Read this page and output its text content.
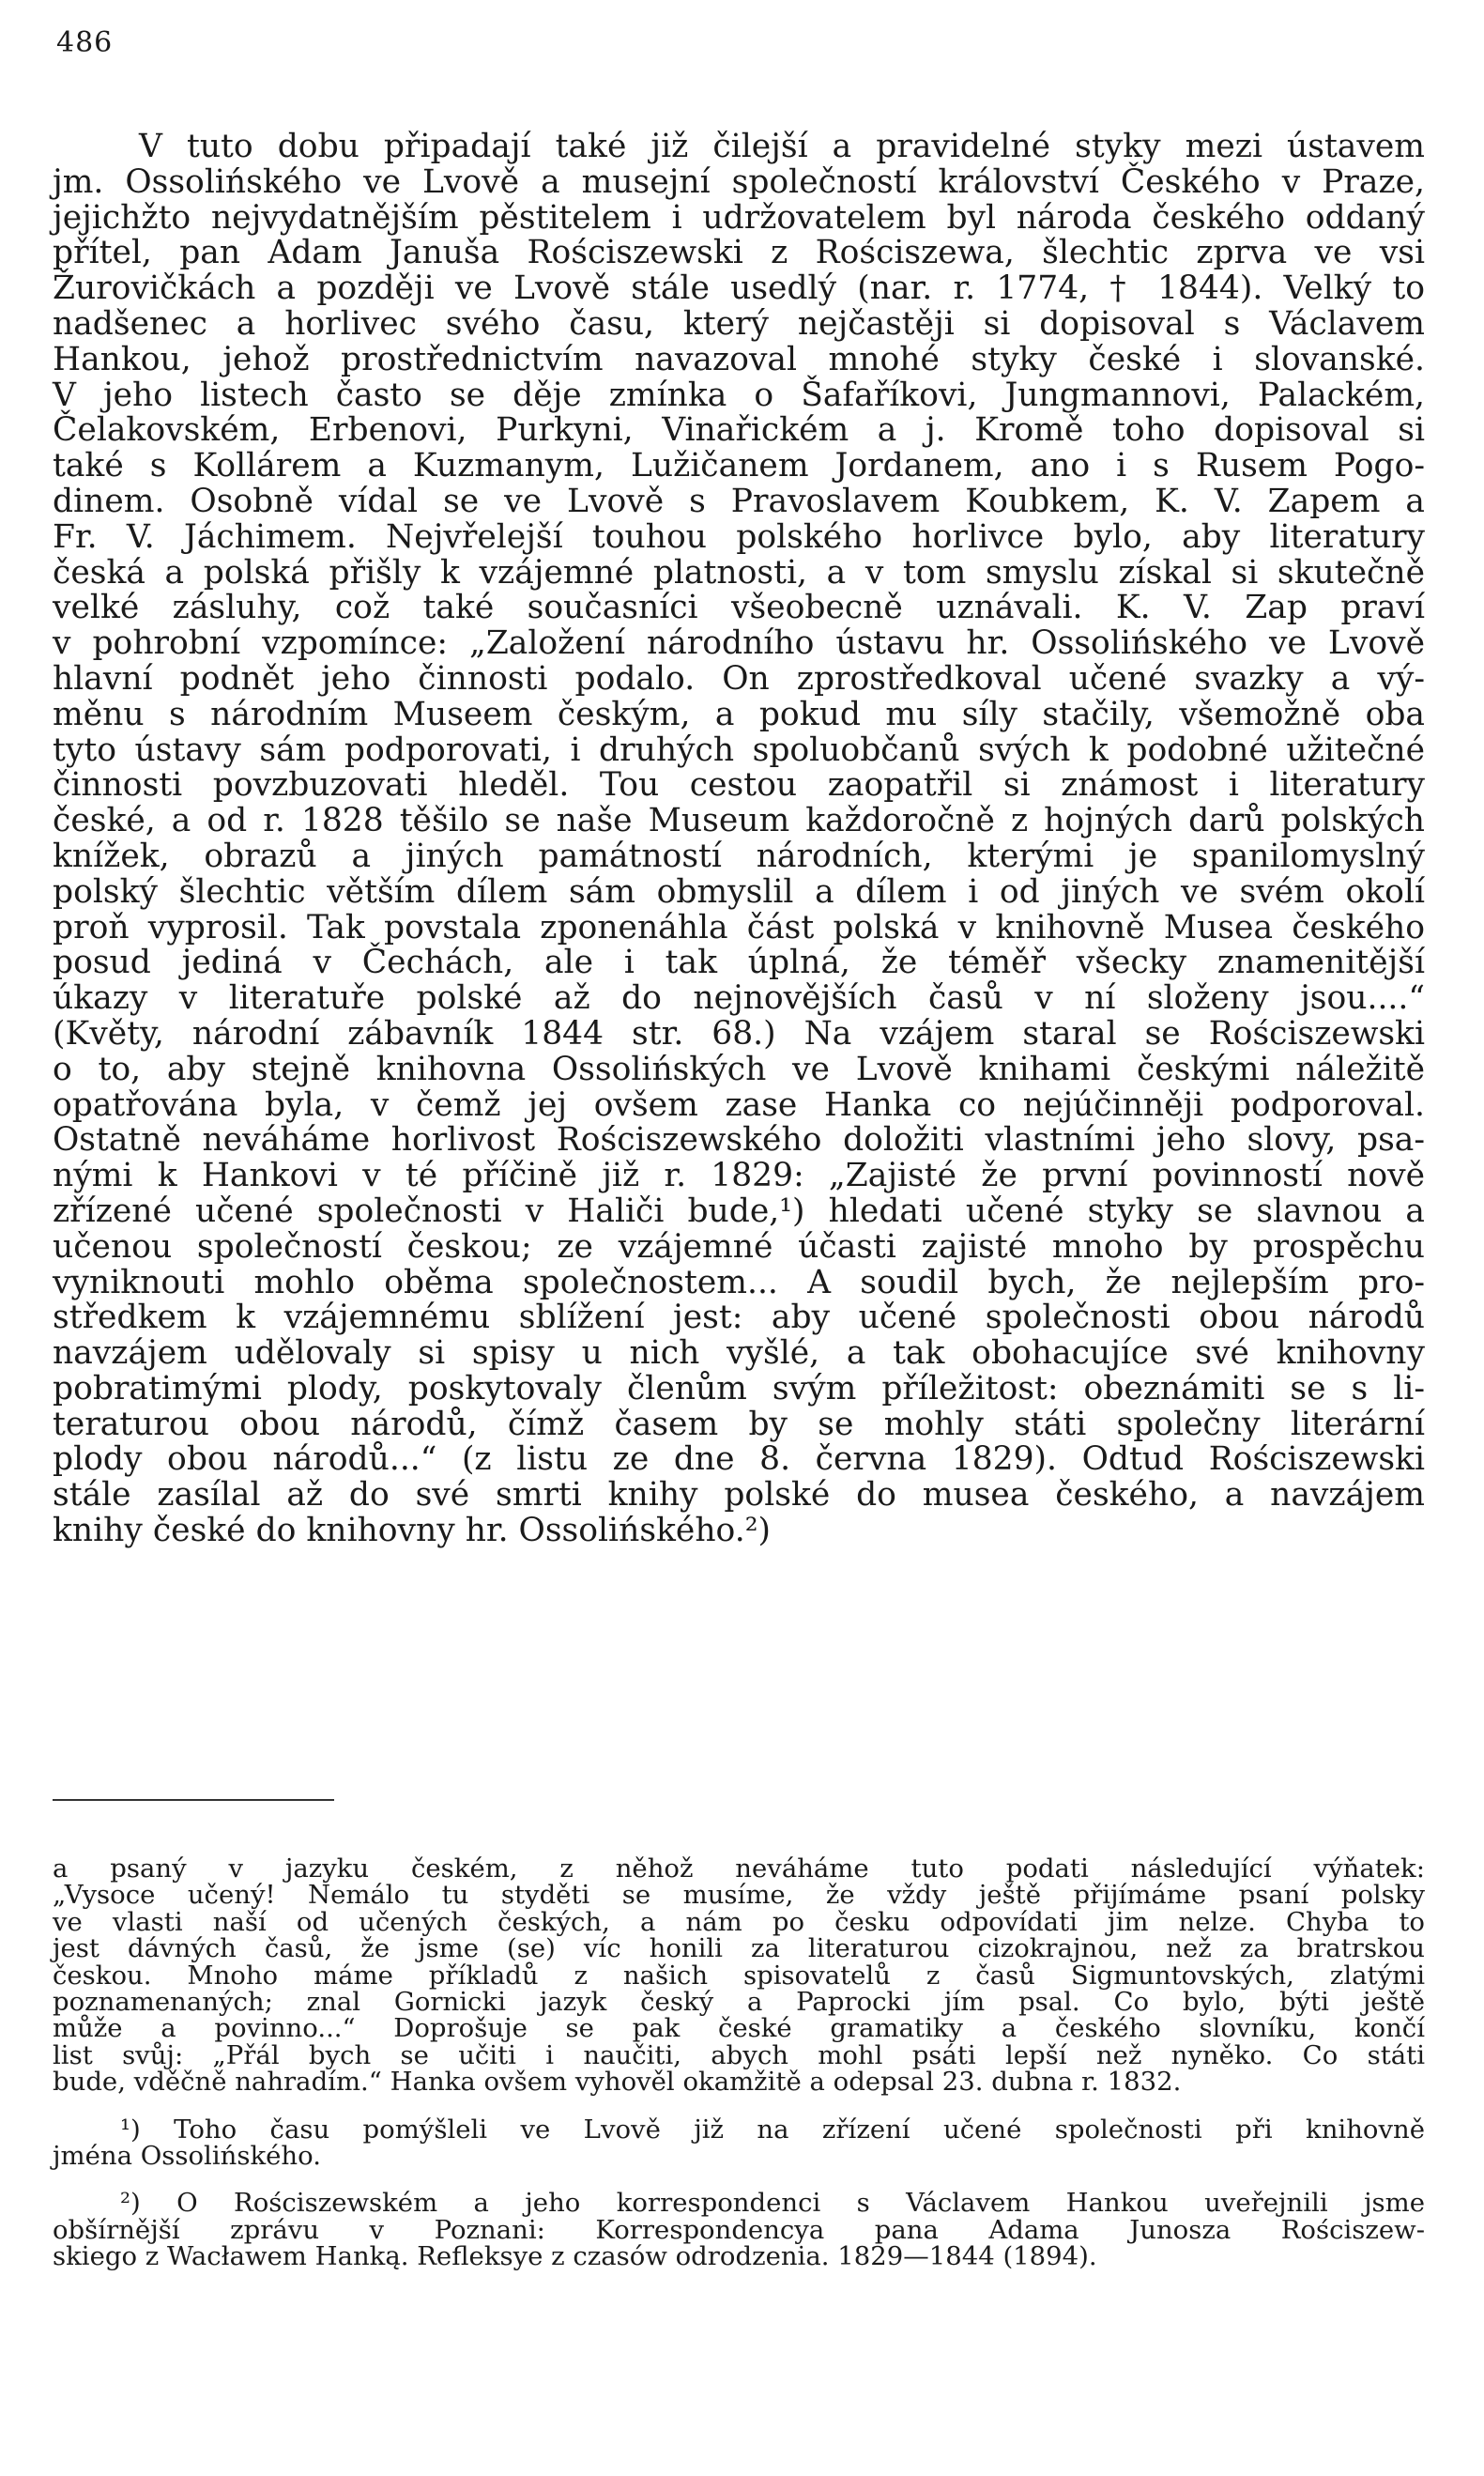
486
V tuto dobu připadají také již čilejší a pravidelné styky mezi ústavem
jm. Ossolińského ve Lvově a musejní společností království Českého v Praze,
jejichžto nejvydatnějším pěstitelem i udržovatelem byl národa českého oddaný
přítel, pan Adam Januša Rościszewski z Rościszewa, šlechtic zprva ve vsi
Žurovičkách a později ve Lvově stále usedlý (nar. r. 1774, † 1844). Velký to
nadšenec a horlivec svého času, který nejčastěji si dopisoval s Václavem
Hankou, jehož prostřednictvím navazoval mnohé styky české i slovanské.
V jeho listech často se děje zmínka o Šafaříkovi, Jungmannovi, Palackém,
Čelakovském, Erbenovi, Purkyni, Vinařickém a j. Kromě toho dopisoval si
také s Kollárem a Kuzmanym, Lužičanem Jordanem, ano i s Rusem Pogo-
dinem. Osobně vídal se ve Lvově s Pravoslavem Koubkem, K. V. Zapem a
Fr. V. Jáchimem. Nejvřelejší touhou polského horlivce bylo, aby literatury
česká a polská přišly k vzájemné platnosti, a v tom smyslu získal si skutečně
velké zásluhy, což také současníci všeobecně uznávali. K. V. Zap praví
v pohrobní vzpomínce: „Založení národního ústavu hr. Ossolińského ve Lvově
hlavní podnět jeho činnosti podalo. On zprostředkoval učené svazky a vý-
měnu s národním Museem českým, a pokud mu síly stačily, všemožně oba
tyto ústavy sám podporovati, i druhých spoluobčanů svých k podobné užitečné
činnosti povzbuzovati hleděl. Tou cestou zaopatřil si známost i literatury
české, a od r. 1828 těšilo se naše Museum každoročně z hojných darů polských
knížek, obrazů a jiných památností národních, kterými je spanilomyslný
polský šlechtic větším dílem sám obmyslil a dílem i od jiných ve svém okolí
proň vyprosil. Tak povstala zponenáhla část polská v knihovně Musea českého
posud jediná v Čechách, ale i tak úplná, že téměř všecky znamenitější
úkazy v literatuře polské až do nejnovějších časů v ní složeny jsou....“
(Květy, národní zábavník 1844 str. 68.) Na vzájem staral se Rościszewski
o to, aby stejně knihovna Ossolińských ve Lvově knihami českými náležitě
opatřována byla, v čemž jej ovšem zase Hanka co nejúčinněji podporoval.
Ostatně neváháme horlivost Rościszewského doložiti vlastními jeho slovy, psa-
nými k Hankovi v té příčině již r. 1829: „Zajisté že první povinností nově
zřízené učené společnosti v Haliči bude,¹) hledati učené styky se slavnou a
učenou společností českou; ze vzájemné účasti zajisté mnoho by prospěchu
vyniknouti mohlo oběma společnostem... A soudil bych, že nejlepším pro-
středkem k vzájemnému sblížení jest: aby učené společnosti obou národů
navzájem udělovaly si spisy u nich vyšlé, a tak obohacujíce své knihovny
pobratimými plody, poskytovaly členům svým příležitost: obeznámiti se s li-
teraturou obou národů, čímž časem by se mohly státi společny literární
plody obou národů...“ (z listu ze dne 8. června 1829). Odtud Rościszewski
stále zasílal až do své smrti knihy polské do musea českého, a navzájem
knihy české do knihovny hr. Ossolińského.²)
a psaný v jazyku českém, z něhož neváháme tuto podati následující výňatek:
„Vysoce učený! Nemálo tu styděti se musíme, že vždy ještě přijímáme psaní polsky
ve vlasti naší od učených českých, a nám po česku odpovídati jim nelze. Chyba to
jest dávných časů, že jsme (se) víc honili za literaturou cizokrajnou, než za bratrskou
českou. Mnoho máme příkladů z našich spisovatelů z časů Sigmuntovských, zlatými
poznamenaných; znal Gornicki jazyk český a Paprocki jím psal. Co bylo, býti ještě
může a povinno...“ Doprošuje se pak české gramatiky a českého slovníku, končí
list svůj: „Přál bych se učiti i naučiti, abych mohl psáti lepší než nyněko. Co státi
bude, vděčně nahradím.“ Hanka ovšem vyhověl okamžitě a odepsal 23. dubna r. 1832.
¹) Toho času pomýšleli ve Lvově již na zřízení učené společnosti při knihovně
jména Ossolińského.
²) O Rościszewském a jeho korrespondenci s Václavem Hankou uveřejnili jsme
obšírnější zprávu v Poznani: Korrespondencya pana Adama Junosza Rościszew-
skiego z Wacławem Hanką. Refleksye z czasów odrodzenia. 1829—1844 (1894).
